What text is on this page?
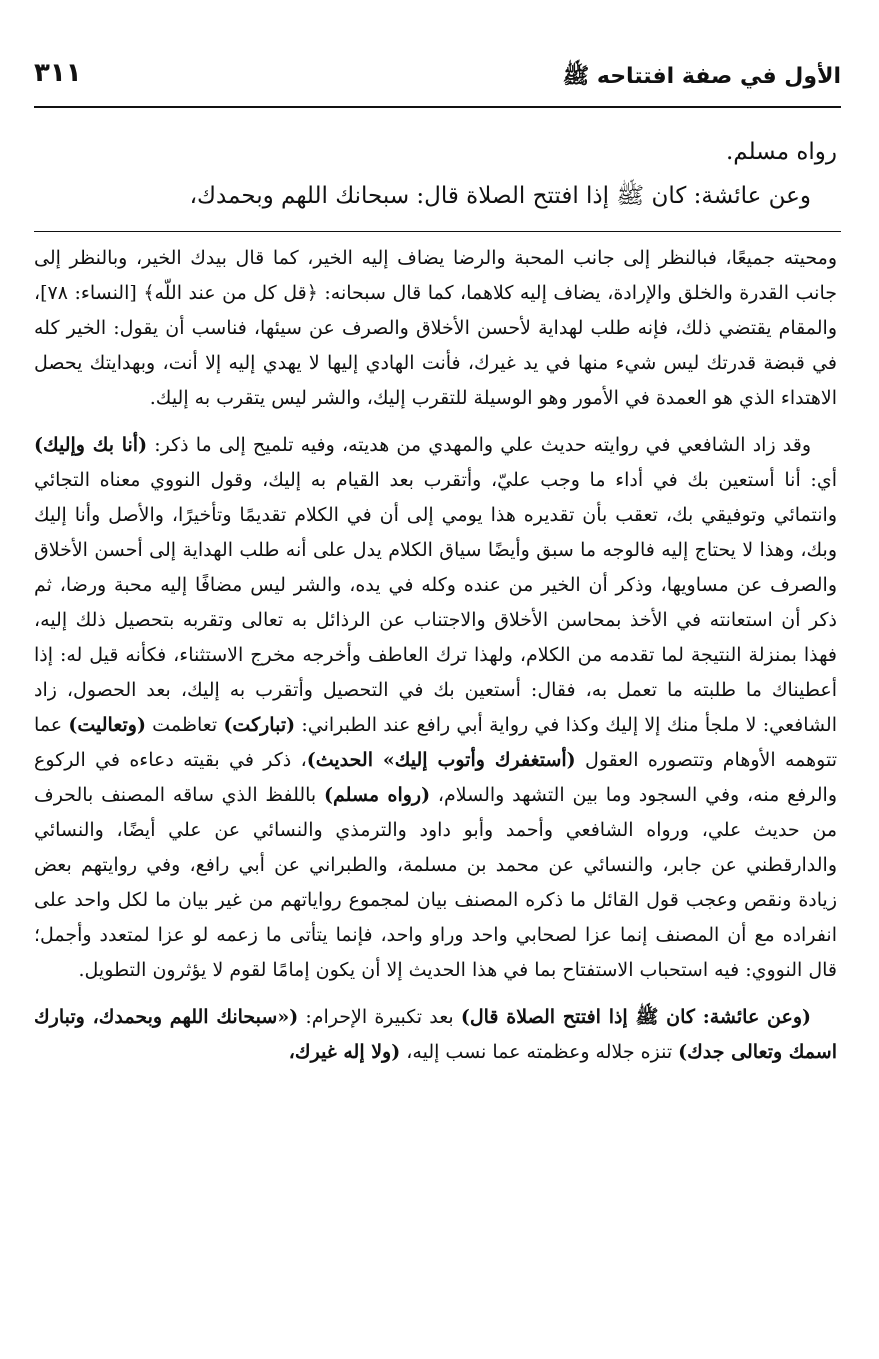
الأول في صفة افتتاحه ﷺ
٣١١

رواه مسلم.

وعن عائشة: كان ﷺ إذا افتتح الصلاة قال: سبحانك اللهم وبحمدك،

ومحيته جميعًا، فبالنظر إلى جانب المحبة والرضا يضاف إليه الخير، كما قال بيدك الخير، وبالنظر إلى جانب القدرة والخلق والإرادة، يضاف إليه كلاهما، كما قال سبحانه: ﴿قل كل من عند اللّه﴾ [النساء: ٧٨]، والمقام يقتضي ذلك، فإنه طلب لهداية لأحسن الأخلاق والصرف عن سيئها، فناسب أن يقول: الخير كله في قبضة قدرتك ليس شيء منها في يد غيرك، فأنت الهادي إليها لا يهدي إليه إلا أنت، وبهدايتك يحصل الاهتداء الذي هو العمدة في الأمور وهو الوسيلة للتقرب إليك، والشر ليس يتقرب به إليك.

وقد زاد الشافعي في روايته حديث علي والمهدي من هديته، وفيه تلميح إلى ما ذكر: (أنا بك وإليك) أي: أنا أستعين بك في أداء ما وجب عليّ، وأتقرب بعد القيام به إليك، وقول النووي معناه التجائي وانتمائي وتوفيقي بك، تعقب بأن تقديره هذا يومي إلى أن في الكلام تقديمًا وتأخيرًا، والأصل وأنا إليك وبك، وهذا لا يحتاج إليه فالوجه ما سبق وأيضًا سياق الكلام يدل على أنه طلب الهداية إلى أحسن الأخلاق والصرف عن مساويها، وذكر أن الخير من عنده وكله في يده، والشر ليس مضافًا إليه محبة ورضا، ثم ذكر أن استعانته في الأخذ بمحاسن الأخلاق والاجتناب عن الرذائل به تعالى وتقربه بتحصيل ذلك إليه، فهذا بمنزلة النتيجة لما تقدمه من الكلام، ولهذا ترك العاطف وأخرجه مخرج الاستثناء، فكأنه قيل له: إذا أعطيناك ما طلبته ما تعمل به، فقال: أستعين بك في التحصيل وأتقرب به إليك، بعد الحصول، زاد الشافعي: لا ملجأ منك إلا إليك وكذا في رواية أبي رافع عند الطبراني: (تباركت) تعاظمت (وتعاليت) عما تتوهمه الأوهام وتتصوره العقول (أستغفرك وأتوب إليك» الحديث)، ذكر في بقيته دعاءه في الركوع والرفع منه، وفي السجود وما بين التشهد والسلام، (رواه مسلم) باللفظ الذي ساقه المصنف بالحرف من حديث علي، ورواه الشافعي وأحمد وأبو داود والترمذي والنسائي عن علي أيضًا، والنسائي والدارقطني عن جابر، والنسائي عن محمد بن مسلمة، والطبراني عن أبي رافع، وفي روايتهم بعض زيادة ونقص وعجب قول القائل ما ذكره المصنف بيان لمجموع رواياتهم من غير بيان ما لكل واحد على انفراده مع أن المصنف إنما عزا لصحابي واحد وراو واحد، فإنما يتأتى ما زعمه لو عزا لمتعدد وأجمل؛ قال النووي: فيه استحباب الاستفتاح بما في هذا الحديث إلا أن يكون إمامًا لقوم لا يؤثرون التطويل.

(وعن عائشة: كان ﷺ إذا افتتح الصلاة قال) بعد تكبيرة الإحرام: («سبحانك اللهم وبحمدك، وتبارك اسمك وتعالى جدك) تنزه جلاله وعظمته عما نسب إليه، (ولا إله غيرك،
